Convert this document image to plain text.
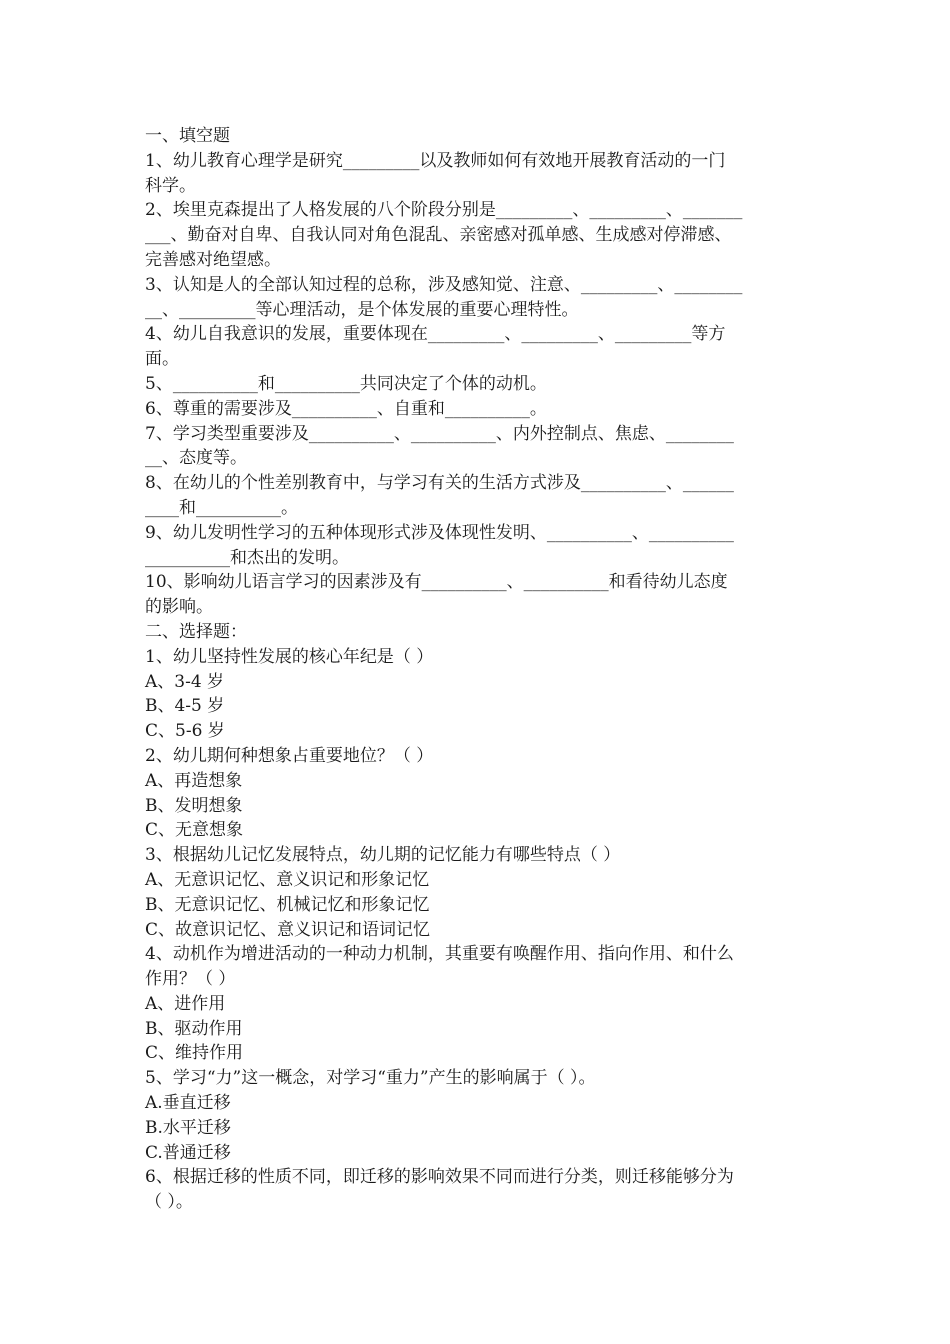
一、填空题

1、幼儿教育心理学是研究_________以及教师如何有效地开展教育活动的一门

科学。

2、埃里克森提出了人格发展的八个阶段分别是_________、_________、_______

___、勤奋对自卑、自我认同对角色混乱、亲密感对孤单感、生成感对停滞感、

完善感对绝望感。

3、认知是人的全部认知过程的总称，涉及感知觉、注意、_________、________

__、_________等心理活动，是个体发展的重要心理特性。

4、幼儿自我意识的发展，重要体现在_________、_________、_________等方

面。

5、__________和__________共同决定了个体的动机。

6、尊重的需要涉及__________、自重和__________。

7、学习类型重要涉及__________、__________、内外控制点、焦虑、________

__、态度等。

8、在幼儿的个性差别教育中，与学习有关的生活方式涉及__________、______

____和__________。

9、幼儿发明性学习的五种体现形式涉及体现性发明、__________、__________

__________和杰出的发明。

10、影响幼儿语言学习的因素涉及有__________、__________和看待幼儿态度

的影响。

二、选择题：

1、幼儿坚持性发展的核心年纪是（ ）

A、3-4 岁

B、4-5 岁

C、5-6 岁

2、幼儿期何种想象占重要地位？（ ）

A、再造想象

B、发明想象

C、无意想象

3、根据幼儿记忆发展特点，幼儿期的记忆能力有哪些特点（ ）

A、无意识记忆、意义识记和形象记忆

B、无意识记忆、机械记忆和形象记忆

C、故意识记忆、意义识记和语词记忆

4、动机作为增进活动的一种动力机制，其重要有唤醒作用、指向作用、和什么

作用？（ ）

A、进作用

B、驱动作用

C、维持作用

5、学习“力”这一概念，对学习“重力”产生的影响属于（ ）。

A.垂直迁移

B.水平迁移

C.普通迁移

6、根据迁移的性质不同，即迁移的影响效果不同而进行分类，则迁移能够分为

（ ）。
